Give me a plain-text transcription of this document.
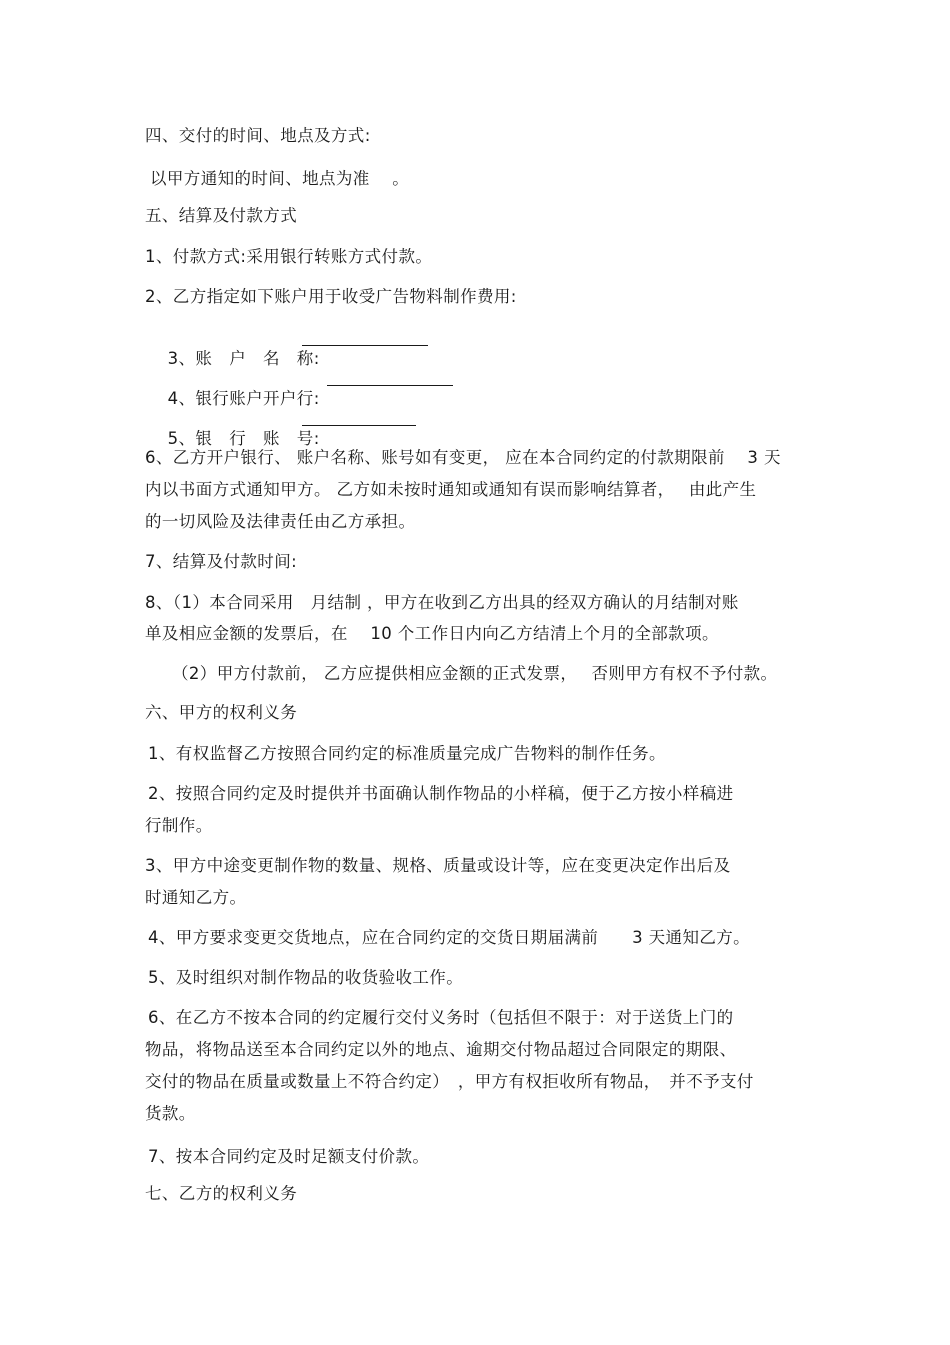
四、交付的时间、地点及方式:
以甲方通知的时间、地点为准　 。
五、结算及付款方式
1、付款方式:采用银行转账方式付款。
2、乙方指定如下账户用于收受广告物料制作费用:

3、账　户　名　称:

4、银行账户开户行:

5、银　行　账　号:

6、乙方开户银行、 账户名称、账号如有变更， 应在本合同约定的付款期限前　 3 天
内以书面方式通知甲方。 乙方如未按时通知或通知有误而影响结算者，　 由此产生
的一切风险及法律责任由乙方承担。
7、结算及付款时间:
8、（1）本合同采用　月结制 ，甲方在收到乙方出具的经双方确认的月结制对账
单及相应金额的发票后，在　 10 个工作日内向乙方结清上个月的全部款项。
（2）甲方付款前， 乙方应提供相应金额的正式发票，　 否则甲方有权不予付款。
六、甲方的权利义务
1、有权监督乙方按照合同约定的标准质量完成广告物料的制作任务。
2、按照合同约定及时提供并书面确认制作物品的小样稿，便于乙方按小样稿进
行制作。
3、甲方中途变更制作物的数量、规格、质量或设计等，应在变更决定作出后及
时通知乙方。
4、甲方要求变更交货地点，应在合同约定的交货日期届满前　　3 天通知乙方。
5、及时组织对制作物品的收货验收工作。
6、在乙方不按本合同的约定履行交付义务时（包括但不限于：对于送货上门的
物品，将物品送至本合同约定以外的地点、逾期交付物品超过合同限定的期限、
交付的物品在质量或数量上不符合约定）　，甲方有权拒收所有物品，　并不予支付
货款。
7、按本合同约定及时足额支付价款。
七、乙方的权利义务
